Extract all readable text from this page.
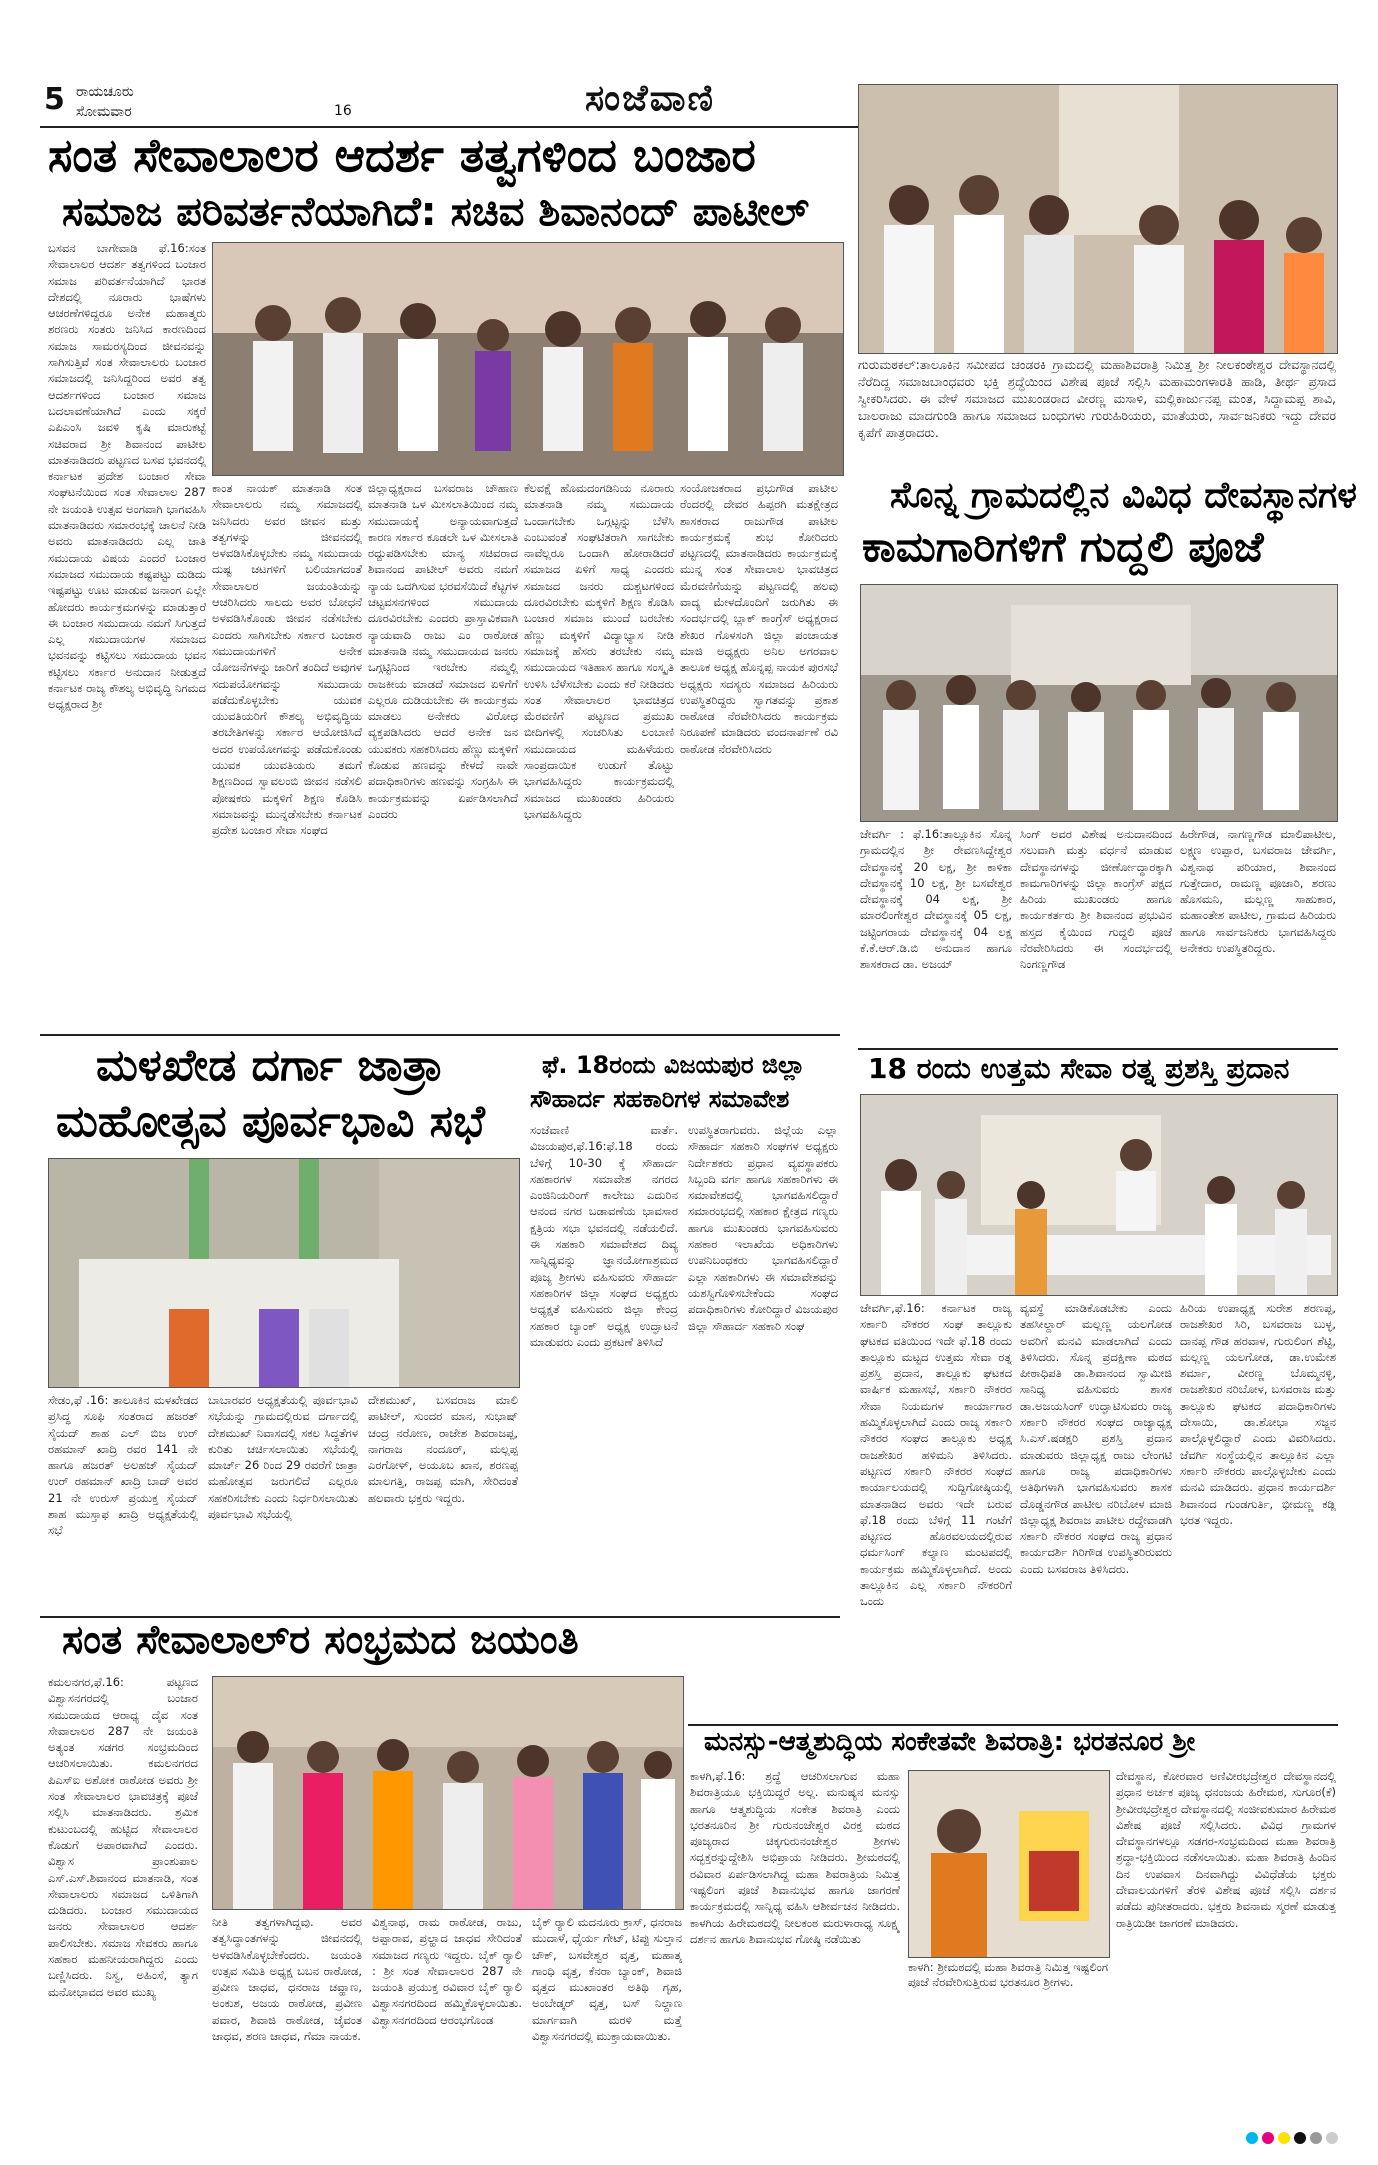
5 ರಾಯಚೂರು
ಸೋಮವಾರ	16	ಸಂಜೆವಾಣಿ
ಸಂತ ಸೇವಾಲಾಲರ ಆದರ್ಶ ತತ್ವಗಳಿಂದ ಬಂಜಾರ
ಸಮಾಜ ಪರಿವರ್ತನೆಯಾಗಿದೆ: ಸಚಿವ ಶಿವಾನಂದ್ ಪಾಟೀಲ್
ಬಸವನ ಬಾಗೇವಾಡಿ ಫೆ.16:ಸಂತ ಸೇವಾಲಾಲರ ಆದರ್ಶ ತತ್ವಗಳಿಂದ ಬಂಜಾರ ಸಮಾಜ ಪರಿವರ್ತನೆಯಾಗಿದೆ ಭಾರತ ದೇಶದಲ್ಲಿ ನೂರಾರು ಭಾಷೆಗಳು ಆಚರಣೆಗಳಿದ್ದರೂ ಅನೇಕ ಮಹಾತ್ಮರು ಶರಣರು ಸಂತರು ಜನಿಸಿದ ಕಾರಣದಿಂದ ಸಮಾಜ ಸಾಮರಸ್ಯದಿಂದ ಜೀವನವನ್ನು ಸಾಗಿಸುತ್ತಿವೆ ಸಂತ ಸೇವಾಲಾಲರು ಬಂಜಾರ ಸಮಾಜದಲ್ಲಿ ಜನಿಸಿದ್ದರಿಂದ ಅವರ ತತ್ವ ಆದರ್ಶಗಳಿಂದ ಬಂಜಾರ ಸಮಾಜ ಬದಲಾವಣೆಯಾಗಿದೆ ಎಂದು ಸಕ್ಕರೆ ಎಪಿಎಂಸಿ ಜವಳಿ ಕೃಷಿ ಮಾರುಕಟ್ಟೆ ಸಚಿವರಾದ ಶ್ರೀ ಶಿವಾನಂದ ಪಾಟೀಲ ಮಾತನಾಡಿದರು ಪಟ್ಟಣದ ಬಸವ ಭವನದಲ್ಲಿ ಕರ್ನಾಟಕ ಪ್ರದೇಶ ಬಂಜಾರ ಸೇವಾ ಸಂಘಟನೆಯಿಂದ ಸಂತ ಸೇವಾಲಾಲ 287 ನೇ ಜಯಂತಿ ಉತ್ಸವ ಅಂಗವಾಗಿ ಭಾಗವಹಿಸಿ ಮಾತನಾಡಿದರು ಸಮಾರಂಭಕ್ಕೆ ಚಾಲನೆ ನೀಡಿ ಅವರು ಮಾತನಾಡಿದರು ಎಲ್ಲ ಜಾತಿ ಸಮುದಾಯ ವಿಷಯ ಎಂದರೆ ಬಂಜಾರ ಸಮಾಜದ ಸಮುದಾಯ ಕಷ್ಟಪಟ್ಟು ದುಡಿದು ಇಷ್ಟಪಟ್ಟು ಊಟ ಮಾಡುವ ಜನಾಂಗ ಎಲ್ಲೇ ಹೋದರು ಕಾರ್ಯಕ್ರಮಗಳನ್ನು ಮಾಡುತ್ತಾರೆ ಈ ಬಂಜಾರ ಸಮುದಾಯ ನಮಗೆ ಸಿಗುತ್ತದೆ ಎಲ್ಲ ಸಮುದಾಯಗಳ ಸಮಾಜದ ಭವನವನ್ನು ಕಟ್ಟಿಸಲು ಸಮುದಾಯ ಭವನ ಕಟ್ಟಿಸಲು ಸರ್ಕಾರ ಅನುದಾನ ನೀಡುತ್ತದೆ ಕರ್ನಾಟಕ ರಾಜ್ಯ ಕೌಶಲ್ಯ ಅಭಿವೃದ್ಧಿ ನಿಗಮದ ಅಧ್ಯಕ್ಷರಾದ ಶ್ರೀ
ಕಾಂತ ನಾಯಕ್ ಮಾತನಾಡಿ ಸಂತ ಸೇವಾಲಾಲರು ನಮ್ಮ ಸಮಾಜದಲ್ಲಿ ಜನಿಸಿದರು ಅವರ ಜೀವನ ಮತ್ತು ತತ್ವಗಳನ್ನು ಜೀವನದಲ್ಲಿ ಅಳವಡಿಸಿಕೊಳ್ಳಬೇಕು ನಮ್ಮ ಸಮುದಾಯ ದುಷ್ಟ ಚಟಗಳಿಗೆ ಬಲಿಯಾಗದಂತೆ ಸೇವಾಲಾಲರ ಜಯಂತಿಯನ್ನು ಆಚರಿಸಿದರು ಸಾಲದು ಅವರ ಬೋಧನೆ ಅಳವಡಿಸಿಕೊಂಡು ಜೀವನ ನಡೆಸಬೇಕು ಎಂದರು ಸಾಗಿಸಬೇಕು ಸರ್ಕಾರ ಬಂಜಾರ ಸಮುದಾಯಗಳಿಗೆ ಅನೇಕ ಯೋಜನೆಗಳನ್ನು ಜಾರಿಗೆ ತಂದಿದೆ ಅವುಗಳ ಸದುಪಯೋಗವನ್ನು ಸಮುದಾಯ ಪಡೆದುಕೊಳ್ಳಬೇಕು ಯುವಕ ಯುವತಿಯರಿಗೆ ಕೌಶಲ್ಯ ಅಭಿವೃದ್ಧಿಯ ತರಬೇತಿಗಳನ್ನು ಸರ್ಕಾರ ಆಯೋಜಿಸಿದೆ ಅದರ ಉಪಯೋಗವನ್ನು ಪಡೆದುಕೊಂಡು ಯುವಕ ಯುವತಿಯರು ತಮಗೆ ಶಿಕ್ಷಣದಿಂದ ಸ್ವಾವಲಂಬಿ ಜೀವನ ನಡೆಸಲಿ ಪೋಷಕರು ಮಕ್ಕಳಿಗೆ ಶಿಕ್ಷಣ ಕೊಡಿಸಿ ಸಮಾಜವನ್ನು ಮುನ್ನಡೆಸಬೇಕು ಕರ್ನಾಟಕ ಪ್ರದೇಶ ಬಂಜಾರ ಸೇವಾ ಸಂಘದ
ಜಿಲ್ಲಾಧ್ಯಕ್ಷರಾದ ಬಸವರಾಜ ಚೌಹಾಣ ಮಾತನಾಡಿ ಒಳ ಮೀಸಲಾತಿಯಿಂದ ನಮ್ಮ ಸಮುದಾಯಕ್ಕೆ ಅನ್ಯಾಯವಾಗುತ್ತದೆ ಕಾರಣ ಸರ್ಕಾರ ಕೂಡಲೇ ಒಳ ಮೀಸಲಾತಿ ರದ್ದುಪಡಿಸಬೇಕು ಮಾನ್ಯ ಸಚಿವರಾದ ಶಿವಾನಂದ ಪಾಟೀಲ್ ಅವರು ನಮಗೆ ನ್ಯಾಯ ಒದಗಿಸುವ ಭರವಸೆಯಿದೆ ಕೆಟ್ಟಗಳ ಚಟ್ಟವಸನಗಳಿಂದ ಸಮುದಾಯ ದೂರವಿರಬೇಕು ಎಂದರು ಪ್ರಾಸ್ತಾವಿಕವಾಗಿ ನ್ಯಾಯವಾದಿ ರಾಜು ಎಂ ರಾಠೋಡ ಮಾತನಾಡಿ ನಮ್ಮ ಸಮುದಾಯದ ಜನರು ಒಗ್ಗಟ್ಟಿನಿಂದ ಇರಬೇಕು ನಮ್ಮಲ್ಲಿ ರಾಜಕೀಯ ಮಾಡದೆ ಸಮಾಜದ ಏಳಿಗೆಗೆ ಎಲ್ಲರೂ ದುಡಿಯಬೇಕು ಈ ಕಾರ್ಯಕ್ರಮ ಮಾಡಲು ಅನೇಕರು ವಿರೋಧ ವ್ಯಕ್ತಪಡಿಸಿದರು ಆದರೆ ಅನೇಕ ಜನ ಯುವಕರು ಸಹಕರಿಸಿದರು ಹೆಣ್ಣು ಮಕ್ಕಳಿಗೆ ಕೊಡುವ ಹಣವನ್ನು ಕೇಳದೆ ನಾವೇ ಪದಾಧಿಕಾರಿಗಳು ಹಣವನ್ನು ಸಂಗ್ರಹಿಸಿ ಈ ಕಾರ್ಯಕ್ರಮವನ್ನು ಏರ್ಪಡಿಸಲಾಗಿದೆ ಎಂದರು
ಕೆಲವಕ್ಷೆ ಹೊಮದಂಗಡಿನಿಯ ನೂರಾರು ಮಾತನಾಡಿ ನಮ್ಮ ಸಮುದಾಯ ಒಂದಾಗಬೇಕು ಒಗ್ಗಟ್ಟನ್ನು ಬೆಳೆಸಿ ಎಂಬುವಂತೆ ಸಂಘಟಿತರಾಗಿ ಸಾಗಬೇಕು ನಾವೆಲ್ಲರೂ ಒಂದಾಗಿ ಹೋರಾಡಿದರೆ ಸಮಾಜದ ಏಳಿಗೆ ಸಾಧ್ಯ ಎಂದರು ಸಮಾಜದ ಜನರು ದುಶ್ಚಟಗಳಿಂದ ದೂರವಿರಬೇಕು ಮಕ್ಕಳಿಗೆ ಶಿಕ್ಷಣ ಕೊಡಿಸಿ ಬಂಜಾರ ಸಮಾಜ ಮುಂದೆ ಬರಬೇಕು ಹೆಣ್ಣು ಮಕ್ಕಳಿಗೆ ವಿದ್ಯಾಭ್ಯಾಸ ನೀಡಿ ಸಮಾಜಕ್ಕೆ ಹೆಸರು ತರಬೇಕು ನಮ್ಮ ಸಮುದಾಯದ ಇತಿಹಾಸ ಹಾಗೂ ಸಂಸ್ಕೃತಿ ಉಳಿಸಿ ಬೆಳೆಸಬೇಕು ಎಂದು ಕರೆ ನೀಡಿದರು ಸಂತ ಸೇವಾಲಾಲರ ಭಾವಚಿತ್ರದ ಮೆರವಣಿಗೆ ಪಟ್ಟಣದ ಪ್ರಮುಖ ಬೀದಿಗಳಲ್ಲಿ ಸಂಚರಿಸಿತು ಲಂಬಾಣಿ ಸಮುದಾಯದ ಮಹಿಳೆಯರು ಸಾಂಪ್ರದಾಯಿಕ ಉಡುಗೆ ತೊಟ್ಟು ಭಾಗವಹಿಸಿದ್ದರು ಕಾರ್ಯಕ್ರಮದಲ್ಲಿ ಸಮಾಜದ ಮುಖಂಡರು ಹಿರಿಯರು ಭಾಗವಹಿಸಿದ್ದರು
ಸಂಯೋಜಕರಾದ ಪ್ರಭುಗೌಡ ಪಾಟೀಲ ರೆಂದರಲ್ಲಿ ದೇವರ ಹಿಪ್ಪರಗಿ ಮತಕ್ಷೇತ್ರದ ಶಾಸಕರಾದ ರಾಜುಗೌಡ ಪಾಟೀಲ ಕಾರ್ಯಕ್ರಮಕ್ಕೆ ಶುಭ ಕೋರಿದರು ಪಟ್ಟಣದಲ್ಲಿ ಮಾತನಾಡಿದರು ಕಾರ್ಯಕ್ರಮಕ್ಕೆ ಮುನ್ನ ಸಂತ ಸೇವಾಲಾಲ ಭಾವಚಿತ್ರದ ಮೆರವಣಿಗೆಯನ್ನು ಪಟ್ಟಣದಲ್ಲಿ ಹಲವು ವಾದ್ಯ ಮೇಳದೊಂದಿಗೆ ಜರುಗಿತು ಈ ಸಂದರ್ಭದಲ್ಲಿ ಬ್ಲಾಕ್ ಕಾಂಗ್ರೆಸ್ ಅಧ್ಯಕ್ಷರಾದ ಶೇಖರ ಗೊಳಸಂಗಿ ಜಿಲ್ಲಾ ಪಂಚಾಯತ ಮಾಜಿ ಅಧ್ಯಕ್ಷರು ಅನಿಲ ಅಗರವಾಲ ತಾಲೂಕ ಅಧ್ಯಕ್ಷ ಹೊನ್ನಪ್ಪ ನಾಯಕ ಪುರಸಭೆ ಅಧ್ಯಕ್ಷರು ಸದಸ್ಯರು ಸಮಾಜದ ಹಿರಿಯರು ಉಪಸ್ಥಿತರಿದ್ದರು ಸ್ವಾಗತವನ್ನು ಪ್ರಕಾಶ ರಾಠೋಡ ನೆರವೇರಿಸಿದರು ಕಾರ್ಯಕ್ರಮ ನಿರೂಪಣೆ ಮಾಡಿದರು ವಂದನಾರ್ಪಣೆ ರವಿ ರಾಠೋಡ ನೆರವೇರಿಸಿದರು
ಗುರುಮಠಕಲ್:ತಾಲೂಕಿನ ಸಮೀಪದ ಚಂಡರಕಿ ಗ್ರಾಮದಲ್ಲಿ ಮಹಾಶಿವರಾತ್ರಿ ನಿಮಿತ್ತ ಶ್ರೀ ನೀಲಕಂಠೇಶ್ವರ ದೇವಸ್ಥಾನದಲ್ಲಿ ನೆರೆದಿದ್ದ ಸಮಾಜಬಾಂಧವರು ಭಕ್ತಿ ಶ್ರದ್ಧೆಯಿಂದ ವಿಶೇಷ ಪೂಜೆ ಸಲ್ಲಿಸಿ ಮಹಾಮಂಗಳಾರತಿ ಹಾಡಿ, ತೀರ್ಥ ಪ್ರಸಾದ ಸ್ವೀಕರಿಸಿದರು. ಈ ವೇಳೆ ಸಮಾಜದ ಮುಖಂಡರಾದ ವೀರಣ್ಣ ಮಸಾಳಿ, ಮಲ್ಲಿಕಾರ್ಜುನಪ್ಪ ಮಂತ, ಸಿದ್ದಾಮಪ್ಪ ಶಾವಿ, ಬಾಲರಾಜು ಮಾದಗುಂಡಿ ಹಾಗೂ ಸಮಾಜದ ಬಂಧುಗಳು ಗುರುಹಿರಿಯರು, ಮಾತೆಯರು, ಸಾರ್ವಜನಿಕರು ಇದ್ದು ದೇವರ ಕೃಪೆಗೆ ಪಾತ್ರರಾದರು.
ಸೊನ್ನ ಗ್ರಾಮದಲ್ಲಿನ ವಿವಿಧ ದೇವಸ್ಥಾನಗಳ
ಕಾಮಗಾರಿಗಳಿಗೆ ಗುದ್ದಲಿ ಪೂಜೆ
ಜೇವರ್ಗಿ : ಫೆ.16:ತಾಲ್ಲೂಕಿನ ಸೊನ್ನ ಗ್ರಾಮದಲ್ಲಿನ ಶ್ರೀ ರೇವಣಸಿದ್ದೇಶ್ವರ ದೇವಸ್ಥಾನಕ್ಕೆ 20 ಲಕ್ಷ, ಶ್ರೀ ಕಾಳಿಕಾ ದೇವಸ್ಥಾನಕ್ಕೆ 10 ಲಕ್ಷ, ಶ್ರೀ ಬಸವೇಶ್ವರ ದೇವಸ್ಥಾನಕ್ಕೆ 04 ಲಕ್ಷ, ಶ್ರೀ ಮಾರಲಿಂಗೇಶ್ವರ ದೇವಸ್ಥಾನಕ್ಕೆ 05 ಲಕ್ಷ, ಜಟ್ಟಿಂಗರಾಯ ದೇವಸ್ಥಾನಕ್ಕೆ 04 ಲಕ್ಷ ಕೆ.ಕೆ.ಆರ್.ಡಿ.ಬಿ ಅನುದಾನ ಹಾಗೂ ಶಾಸಕರಾದ ಡಾ. ಅಜಯ್
ಸಿಂಗ್ ಅವರ ವಿಶೇಷ ಅನುದಾನದಿಂದ ಸಲುವಾಗಿ ಮತ್ತು ವರ್ಧನೆ ಮಾಡುವ ದೇವಸ್ಥಾನಗಳನ್ನು ಜೀರ್ಣೋದ್ಧಾರಕ್ಕಾಗಿ ಕಾಮಗಾರಿಗಳನ್ನು ಜಿಲ್ಲಾ ಕಾಂಗ್ರೆಸ್ ಪಕ್ಷದ ಹಿರಿಯ ಮುಖಂಡರು ಹಾಗೂ ಕಾರ್ಯಕರ್ತರು ಶ್ರೀ ಶಿವಾನಂದ ಪ್ರಭುವಿನ ಹಸ್ತದ ಕೈಯಿಂದ ಗುದ್ದಲಿ ಪೂಜೆ ನೆರವೇರಿಸಿದರು ಈ ಸಂದರ್ಭದಲ್ಲಿ ನಿಂಗಣ್ಣಗೌಡ
ಹಿರೇಗೌಡ, ನಾಗಣ್ಣಗೌಡ ಮಾಲಿಪಾಟೀಲ, ಲಕ್ಷ್ಮಣ ಉಪ್ಪಾರ, ಬಸವರಾಜ ಜೇವರ್ಗಿ, ವಿಶ್ವನಾಥ ಪರಿಯಾರ, ಶಿವಾನಂದ ಗುತ್ತೇದಾರ, ರಾಮಣ್ಣ ಪೂಜಾರಿ, ಶರಣು ಹೊಸಮನಿ, ಮಲ್ಲಣ್ಣ ಸಾಹುಕಾರ, ಮಹಾಂತೇಶ ಪಾಟೀಲ, ಗ್ರಾಮದ ಹಿರಿಯರು ಹಾಗೂ ಸಾರ್ವಜನಿಕರು ಭಾಗವಹಿಸಿದ್ದರು ಅನೇಕರು ಉಪಸ್ಥಿತರಿದ್ದರು.
ಮಳಖೇಡ ದರ್ಗಾ ಜಾತ್ರಾ
ಮಹೋತ್ಸವ ಪೂರ್ವಭಾವಿ ಸಭೆ
ಸೇಡಂ,ಫೆ .16: ತಾಲೂಕಿನ ಮಳಖೇಡದ ಪ್ರಸಿದ್ಧ ಸೂಫಿ ಸಂತರಾದ ಹಜರತ್ ಸೈಯದ್ ಶಾಹ ಎಲ್ ಬಿಜ ಉರ್ ರಹಮಾನ್ ಖಾದ್ರಿ ರವರ 141 ನೇ ಹಾಗೂ ಹಜರತ್ ಅಲಹಜ್ ಸೈಯದ್ ಉರ್ ರಹಮಾನ್ ಖಾದ್ರಿ ಬಾದ್ ಅವರ 21 ನೇ ಉರುಸ್ ಪ್ರಯುಕ್ತ ಸೈಯದ್ ಶಾಹ ಮುಸ್ತಾಫ ಖಾದ್ರಿ ಅಧ್ಯಕ್ಷತೆಯಲ್ಲಿ ಸಭೆ
ಬಾಬಾರವರ ಅಧ್ಯಕ್ಷತೆಯಲ್ಲಿ ಪೂರ್ವಭಾವಿ ಸಭೆಯನ್ನು ಗ್ರಾಮದಲ್ಲಿರುವ ದರ್ಗಾದಲ್ಲಿ ದೇಶಮುಖ್ ನಿವಾಸದಲ್ಲಿ ಸಕಲ ಸಿದ್ಧತೆಗಳ ಕುರಿತು ಚರ್ಚಿಸಲಾಯಿತು ಸಭೆಯಲ್ಲಿ ಮಾರ್ಚ್ 26 ರಿಂದ 29 ರವರೆಗೆ ಜಾತ್ರಾ ಮಹೋತ್ಸವ ಜರುಗಲಿದೆ ಎಲ್ಲರೂ ಸಹಕರಿಸಬೇಕು ಎಂದು ನಿರ್ಧರಿಸಲಾಯಿತು ಪೂರ್ವಭಾವಿ ಸಭೆಯಲ್ಲಿ
ದೇಶಮುಖ್, ಬಸವರಾಜ ಮಾಲಿ ಪಾಟೀಲ್, ಸುಂದರ ಮಾನ, ಸುಭಾಷ್ ಚಂದ್ರ ನರೋಣ, ರಾಜೇಶ ಶಿವರಾಜಪ್ಪ, ನಾಗರಾಜ ನಂದೂರ್, ಮಲ್ಲಪ್ಪ ಎರಗೋಳ್, ಅಯೂಬ ಖಾನ, ಶರಣಪ್ಪ ಮಾಲಗತ್ತಿ, ರಾಜಪ್ಪ ಮಾಗಿ, ಸೇರಿದಂತೆ ಹಲವಾರು ಭಕ್ತರು ಇದ್ದರು.
ಫೆ. 18ರಂದು ವಿಜಯಪುರ ಜಿಲ್ಲಾ
ಸೌಹಾರ್ದ ಸಹಕಾರಿಗಳ ಸಮಾವೇಶ
ಸಂಜೆವಾಣಿ ವಾರ್ತೆ. ವಿಜಯಪುರ,ಫೆ.16:ಫೆ.18 ರಂದು ಬೆಳಿಗ್ಗೆ 10-30 ಕ್ಕೆ ಸೌಹಾರ್ದ ಸಹಕಾರಗಳ ಸಮಾವೇಶ ನಗರದ ಎಂಜಿನಿಯರಿಂಗ್ ಕಾಲೇಜು ಎದುರಿನ ಆನಂದ ನಗರ ಬಡಾವಣೆಯ ಭಾವಸಾರ ಕ್ಷತ್ರಿಯ ಸಭಾ ಭವನದಲ್ಲಿ ನಡೆಯಲಿದೆ. ಈ ಸಹಕಾರಿ ಸಮಾವೇಶದ ದಿವ್ಯ ಸಾನ್ನಿಧ್ಯವನ್ನು ಜ್ಞಾನಯೋಗಾಶ್ರಮದ ಪೂಜ್ಯ ಶ್ರೀಗಳು ವಹಿಸುವರು ಸೌಹಾರ್ದ ಸಹಕಾರಿಗಳ ಜಿಲ್ಲಾ ಸಂಘದ ಅಧ್ಯಕ್ಷರು ಅಧ್ಯಕ್ಷತೆ ವಹಿಸುವರು ಜಿಲ್ಲಾ ಕೇಂದ್ರ ಸಹಕಾರ ಬ್ಯಾಂಕ್ ಅಧ್ಯಕ್ಷ ಉದ್ಘಾಟನೆ ಮಾಡುವರು ಎಂದು ಪ್ರಕಟಣೆ ತಿಳಿಸಿದೆ
ಉಪಸ್ಥಿತರಾಗುವರು. ಜಿಲ್ಲೆಯ ಎಲ್ಲಾ ಸೌಹಾರ್ದ ಸಹಕಾರಿ ಸಂಘಗಳ ಅಧ್ಯಕ್ಷರು ನಿರ್ದೇಶಕರು ಪ್ರಧಾನ ವ್ಯವಸ್ಥಾಪಕರು ಸಿಬ್ಬಂದಿ ವರ್ಗ ಹಾಗೂ ಸಹಕಾರಿಗಳು ಈ ಸಮಾವೇಶದಲ್ಲಿ ಭಾಗವಹಿಸಲಿದ್ದಾರೆ ಸಮಾರಂಭದಲ್ಲಿ ಸಹಕಾರ ಕ್ಷೇತ್ರದ ಗಣ್ಯರು ಹಾಗೂ ಮುಖಂಡರು ಭಾಗವಹಿಸುವರು ಸಹಕಾರ ಇಲಾಖೆಯ ಅಧಿಕಾರಿಗಳು ಉಪನಿಬಂಧಕರು ಭಾಗವಹಿಸಲಿದ್ದಾರೆ ಎಲ್ಲಾ ಸಹಕಾರಿಗಳು ಈ ಸಮಾವೇಶವನ್ನು ಯಶಸ್ವಿಗೊಳಿಸಬೇಕೆಂದು ಸಂಘದ ಪದಾಧಿಕಾರಿಗಳು ಕೋರಿದ್ದಾರೆ ವಿಜಯಪುರ ಜಿಲ್ಲಾ ಸೌಹಾರ್ದ ಸಹಕಾರಿ ಸಂಘ
18 ರಂದು ಉತ್ತಮ ಸೇವಾ ರತ್ನ ಪ್ರಶಸ್ತಿ ಪ್ರದಾನ
ಜೇವರ್ಗಿ,ಫೆ.16: ಕರ್ನಾಟಕ ರಾಜ್ಯ ಸರ್ಕಾರಿ ನೌಕರರ ಸಂಘ ತಾಲ್ಲೂಕು ಘಟಕದ ವತಿಯಿಂದ ಇದೇ ಫೆ.18 ರಂದು ತಾಲ್ಲೂಕು ಮಟ್ಟದ ಉತ್ತಮ ಸೇವಾ ರತ್ನ ಪ್ರಶಸ್ತಿ ಪ್ರದಾನ, ತಾಲ್ಲೂಕು ಘಟಕದ ವಾರ್ಷಿಕ ಮಹಾಸಭೆ, ಸರ್ಕಾರಿ ನೌಕರರ ಸೇವಾ ನಿಯಮಗಳ ಕಾರ್ಯಾಗಾರ ಹಮ್ಮಿಕೊಳ್ಳಲಾಗಿದೆ ಎಂದು ರಾಜ್ಯ ಸರ್ಕಾರಿ ನೌಕರರ ಸಂಘದ ತಾಲ್ಲೂಕು ಅಧ್ಯಕ್ಷ ರಾಜಶೇಖರ ಹಳಿಮನಿ ತಿಳಿಸಿದರು. ಪಟ್ಟಣದ ಸರ್ಕಾರಿ ನೌಕರರ ಸಂಘದ ಕಾರ್ಯಾಲಯದಲ್ಲಿ ಸುದ್ದಿಗೋಷ್ಠಿಯಲ್ಲಿ ಮಾತನಾಡಿದ ಅವರು ಇದೇ ಬರುವ ಫೆ.18 ರಂದು ಬೆಳಿಗ್ಗೆ 11 ಗಂಟೆಗೆ ಪಟ್ಟಣದ ಹೊರವಲಯದಲ್ಲಿರುವ ಧರ್ಮಸಿಂಗ್ ಕಲ್ಯಾಣ ಮಂಟಪದಲ್ಲಿ ಕಾರ್ಯಕ್ರಮ ಹಮ್ಮಿಕೊಳ್ಳಲಾಗಿದೆ. ಅಂದು ತಾಲ್ಲೂಕಿನ ಎಲ್ಲ ಸರ್ಕಾರಿ ನೌಕರರಿಗೆ ಒಂದು
ವ್ಯವಸ್ಥೆ ಮಾಡಿಕೊಡಬೇಕು ಎಂದು ತಹಸೀಲ್ದಾರ್ ಮಲ್ಲಣ್ಣ ಯಲಗೋಡ ಅವರಿಗೆ ಮನವಿ ಮಾಡಲಾಗಿದೆ ಎಂದು ತಿಳಿಸಿದರು. ಸೊನ್ನ ಪ್ರದಕ್ಷಿಣಾ ಮಠದ ಪೀಠಾಧಿಪತಿ ಡಾ.ಶಿವಾನಂದ ಸ್ವಾಮೀಜಿ ಸಾನಿಧ್ಯ ವಹಿಸುವರು ಶಾಸಕ ಡಾ.ಅಜಯಸಿಂಗ್ ಉದ್ಘಾಟಿಸುವರು ರಾಜ್ಯ ಸರ್ಕಾರಿ ನೌಕರರ ಸಂಘದ ರಾಜ್ಯಾಧ್ಯಕ್ಷ ಸಿ.ಎಸ್.ಷಡಕ್ಷರಿ ಪ್ರಶಸ್ತಿ ಪ್ರದಾನ ಮಾಡುವರು ಜಿಲ್ಲಾಧ್ಯಕ್ಷ ರಾಜು ಲೇಂಗಟಿ ಹಾಗೂ ರಾಜ್ಯ ಪದಾಧಿಕಾರಿಗಳು ಅತಿಥಿಗಳಾಗಿ ಭಾಗವಹಿಸುವರು ಶಾಸಕ ದೊಡ್ಡನಗೌಡ ಪಾಟೀಲ ನರಿಬೋಳ ಮಾಜಿ ಜಿಲ್ಲಾಧ್ಯಕ್ಷ ಶಿವರಾಜ ಪಾಟೀಲ ರದ್ದೇವಾಡಗಿ ಸರ್ಕಾರಿ ನೌಕರರ ಸಂಘದ ರಾಜ್ಯ ಪ್ರಧಾನ ಕಾರ್ಯದರ್ಶಿ ಗಿರಿಗೌಡ ಉಪಸ್ಥಿತರಿರುವರು ಎಂದು ಬಸವರಾಜ ತಿಳಿಸಿದರು.
ಹಿರಿಯ ಉಪಾಧ್ಯಕ್ಷ ಸುರೇಶ ಶರಣಪ್ಪ, ರಾಜಶೇಖರ ಸಿರಿ, ಬಸವರಾಜ ಬುಳ್ಳ, ದಾನಪ್ಪ ಗೌಡ ಹರವಾಳ, ಗುರುಲಿಂಗ ಶೆಟ್ಟಿ, ಮಲ್ಲಣ್ಣ ಯಲಗೋಡ, ಡಾ.ಉಮೇಶ ಶರ್ಮಾ, ವೀರಣ್ಣ ಬೊಮ್ಮನಳ್ಳಿ, ರಾಜಶೇಖರ ನರಿಬೋಳ, ಬಸವರಾಜ ಮತ್ತು ತಾಲ್ಲೂಕು ಘಟಕದ ಪದಾಧಿಕಾರಿಗಳು ದೇಸಾಯಿ, ಡಾ.ಶೋಭಾ ಸಜ್ಜನ ಪಾಲ್ಗೊಳ್ಳಲಿದ್ದಾರೆ ಎಂದು ವಿವರಿಸಿದರು. ಜೆವರ್ಗಿ ಸಂಸ್ಥೆಯಲ್ಲಿನ ತಾಲ್ಲೂಕಿನ ಎಲ್ಲಾ ಸರ್ಕಾರಿ ನೌಕರರು ಪಾಲ್ಗೊಳ್ಳಬೇಕು ಎಂದು ಮನವಿ ಮಾಡಿದರು. ಪ್ರಧಾನ ಕಾರ್ಯದರ್ಶಿ ಶಿವಾನಂದ ಗುಂಡಗುರ್ತಿ, ಭೀಮಣ್ಣ ಕಡ್ಲಿ ಭರತ ಇದ್ದರು.
ಸಂತ ಸೇವಾಲಾಲ್‌ರ ಸಂಭ್ರಮದ ಜಯಂತಿ
ಕಮಲನಗರ,ಫೆ.16: ಪಟ್ಟಣದ ವಿಶ್ವಾಸನಗರದಲ್ಲಿ ಬಂಜಾರ ಸಮುದಾಯದ ಆರಾಧ್ಯ ದೈವ ಸಂತ ಸೇವಾಲಾಲರ 287 ನೇ ಜಯಂತಿ ಅತ್ಯಂತ ಸಡಗರ ಸಂಭ್ರಮದಿಂದ ಆಚರಿಸಲಾಯಿತು. ಕಮಲನಗರದ ಪಿಎಸ್‌ಐ ಅಶೋಕ ರಾಠೋಡ ಅವರು ಶ್ರೀ ಸಂತ ಸೇವಾಲಾಲರ ಭಾವಚಿತ್ರಕ್ಕೆ ಪೂಜೆ ಸಲ್ಲಿಸಿ ಮಾತನಾಡಿದರು. ಶ್ರಮಿಕ ಕುಟುಂಬದಲ್ಲಿ ಹುಟ್ಟಿದ ಸೇವಾಲಾಲರ ಕೊಡುಗೆ ಅಪಾರವಾಗಿದೆ ಎಂದರು. ವಿಶ್ವಾಸ ಪ್ರಾಂಶುಪಾಲ ಎಸ್.ಎಸ್.ಶಿವಾನಂದ ಮಾತನಾಡಿ, ಸಂತ ಸೇವಾಲಾಲರು ಸಮಾಜದ ಒಳಿತಿಗಾಗಿ ದುಡಿದರು. ಬಂಜಾರ ಸಮುದಾಯದ ಜನರು ಸೇವಾಲಾಲರ ಆದರ್ಶ ಪಾಲಿಸಬೇಕು. ಸಮಾಜ ಸೇವಕರು ಹಾಗೂ ಸಹಕಾರ ಮಹನೀಯರಾಗಿದ್ದರು ಎಂದು ಬಣ್ಣಿಸಿದರು. ನಿಸ್ವ, ಅಹಿಂಸೆ, ತ್ಯಾಗ ಮನೋಭಾವದ ಅವರ ಮುಖ್ಯ
ನೀತಿ ತತ್ವಗಳಾಗಿದ್ದವು. ಅವರ ತತ್ವಸಿದ್ಧಾಂತಗಳನ್ನು ಜೀವನದಲ್ಲಿ ಅಳವಡಿಸಿಕೊಳ್ಳಬೇಕೆಂದರು. ಜಯಂತಿ ಉತ್ಸವ ಸಮಿತಿ ಅಧ್ಯಕ್ಷ ಬಬನ ರಾಠೋಡ, ಪ್ರವೀಣ ಜಾಧವ, ಧನರಾಜ ಚವ್ಹಾಣ, ಅಂಕುಶ, ಅಜಯ ರಾಠೋಡ, ಪ್ರವೀಣ ಪವಾರ, ಶಿವಾಜಿ ರಾಠೋಡ, ಜೈವಂತ ಜಾಧವ, ಶರಣ ಜಾಧವ, ಗೆಮಾ ನಾಯಕ.
ವಿಶ್ವನಾಥ, ರಾಮ ರಾಠೋಡ, ರಾಜು, ಅಪ್ಪಾರಾವ, ಪ್ರಲ್ಹಾದ ಜಾಧವ ಸೇರಿದಂತೆ ಸಮಾಜದ ಗಣ್ಯರು ಇದ್ದರು. ಬೈಕ್ ರ‍್ಯಾಲಿ : ಶ್ರೀ ಸಂತ ಸೇವಾಲಾಲರ 287 ನೇ ಜಯಂತಿ ಪ್ರಯುಕ್ತ ರವಿವಾರ ಬೈಕ್ ರ‍್ಯಾಲಿ ವಿಶ್ವಾಸನಗರದಿಂದ ಹಮ್ಮಿಕೊಳ್ಳಲಾಯಿತು. ವಿಶ್ವಾಸನಗರದಿಂದ ಆರಂಭಗೊಂಡ
ಬೈಕ್ ರ‍್ಯಾಲಿ ಮದನೂರು ಕ್ರಾಸ್, ಧನರಾಜ ಮುದಾಳೆ, ಧೈರ್ಯ ಗೇಟ್, ಟಿಪ್ಪು ಸುಲ್ತಾನ ಚೌಕ್, ಬಸವೇಶ್ವರ ವೃತ್ತ, ಮಹಾತ್ಮ ಗಾಂಧಿ ವೃತ್ತ, ಕೆನರಾ ಬ್ಯಾಂಕ್, ಶಿವಾಜಿ ವೃತ್ತದ ಮುಖಾಂತರ ಅತಿಥಿ ಗೃಹ, ಅಂಬೇಡ್ಕರ್ ವೃತ್ತ, ಬಸ್ ನಿಲ್ದಾಣ ಮಾರ್ಗವಾಗಿ ಮರಳಿ ಮತ್ತೆ ವಿಶ್ವಾಸನಗರದಲ್ಲಿ ಮುಕ್ತಾಯವಾಯಿತು.
ಮನಸ್ಸು-ಆತ್ಮಶುದ್ಧಿಯ ಸಂಕೇತವೇ ಶಿವರಾತ್ರಿ: ಭರತನೂರ ಶ್ರೀ
ಕಾಳಗಿ,ಫೆ.16: ಶ್ರದ್ಧೆ ಆಚರಿಸಲಾಗುವ ಮಹಾ ಶಿವರಾತ್ರಿಯೂ ಭಕ್ತಿಯಿದ್ದರೆ ಅಲ್ಲ. ಮನುಷ್ಯನ ಮನಸ್ಸು ಹಾಗೂ ಆತ್ಮಶುದ್ಧಿಯ ಸಂಕೇತ ಶಿವರಾತ್ರಿ ಎಂದು ಭರತನೂರಿನ ಶ್ರೀ ಗುರುನಂಜೇಶ್ವರ ವಿರಕ್ತ ಮಠದ ಪೂಜ್ಯರಾದ ಚಿಕ್ಕಗುರುನಂಜೇಶ್ವರ ಶ್ರೀಗಳು ಸದ್ಭಕ್ತರನ್ನುದ್ದೇಶಿಸಿ ಅಭಿಪ್ರಾಯ ನೀಡಿದರು. ಶ್ರೀಮಠದಲ್ಲಿ ರವಿವಾರ ಏರ್ಪಡಿಸಲಾಗಿದ್ದ ಮಹಾ ಶಿವರಾತ್ರಿಯ ನಿಮಿತ್ತ ಇಷ್ಟಲಿಂಗ ಪೂಜೆ ಶಿವಾನುಭವ ಹಾಗೂ ಜಾಗರಣೆ ಕಾರ್ಯಕ್ರಮದಲ್ಲಿ ಸಾನ್ನಿಧ್ಯ ವಹಿಸಿ ಆಶೀರ್ವಚನ ನೀಡಿದರು. ಕಾಳಗಿಯ ಹಿರೇಮಠದಲ್ಲಿ ನೀಲಕಂಠ ಮರುಳಾರಾಧ್ಯ ಸೂಕ್ಷ್ಮ ದರ್ಶನ ಹಾಗೂ ಶಿವಾನುಭವ ಗೋಷ್ಠಿ ನಡೆಯಿತು
ದೇವಸ್ಥಾನ, ಕೋರವಾರ ಅಣಿವೀರಭದ್ರೇಶ್ವರ ದೇವಸ್ಥಾನದಲ್ಲಿ ಪ್ರಧಾನ ಅರ್ಚಕ ಪೂಜ್ಯ ಧನಂಜಯ ಹಿರೇಮಠ, ಸುಗೂರ(ಕೆ) ಶ್ರೀವೀರಭದ್ರೇಶ್ವರ ದೇವಸ್ಥಾನದಲ್ಲಿ ಸಂಜೀವಕುಮಾರ ಹಿರೇಮಠ ವಿಶೇಷ ಪೂಜೆ ಸಲ್ಲಿಸಿದರು. ವಿವಿಧ ಗ್ರಾಮಗಳ ದೇವಸ್ಥಾನಗಳಲ್ಲೂ ಸಡಗರ-ಸಂಭ್ರಮದಿಂದ ಮಹಾ ಶಿವರಾತ್ರಿ ಶ್ರದ್ಧಾ-ಭಕ್ತಿಯಿಂದ ನಡೆಸಲಾಯಿತು. ಮಹಾ ಶಿವರಾತ್ರಿ ಹಿಂದಿನ ದಿನ ಉಪವಾಸ ದಿನವಾಗಿದ್ದು ವಿವಿಧೆಡೆಯ ಭಕ್ತರು ದೇವಾಲಯಗಳಿಗೆ ತೆರಳಿ ವಿಶೇಷ ಪೂಜೆ ಸಲ್ಲಿಸಿ ದರ್ಶನ ಪಡೆದು ಪುನೀತರಾದರು. ಭಕ್ತರು ಶಿವನಾಮ ಸ್ಮರಣೆ ಮಾಡುತ್ತ ರಾತ್ರಿಯಿಡೀ ಜಾಗರಣೆ ಮಾಡಿದರು.
ಕಾಳಗಿ: ಶ್ರೀಮಠದಲ್ಲಿ ಮಹಾ ಶಿವರಾತ್ರಿ ನಿಮಿತ್ತ ಇಷ್ಟಲಿಂಗ ಪೂಜೆ ನೆರವೇರಿಸುತ್ತಿರುವ ಭರತನೂರ ಶ್ರೀಗಳು.
